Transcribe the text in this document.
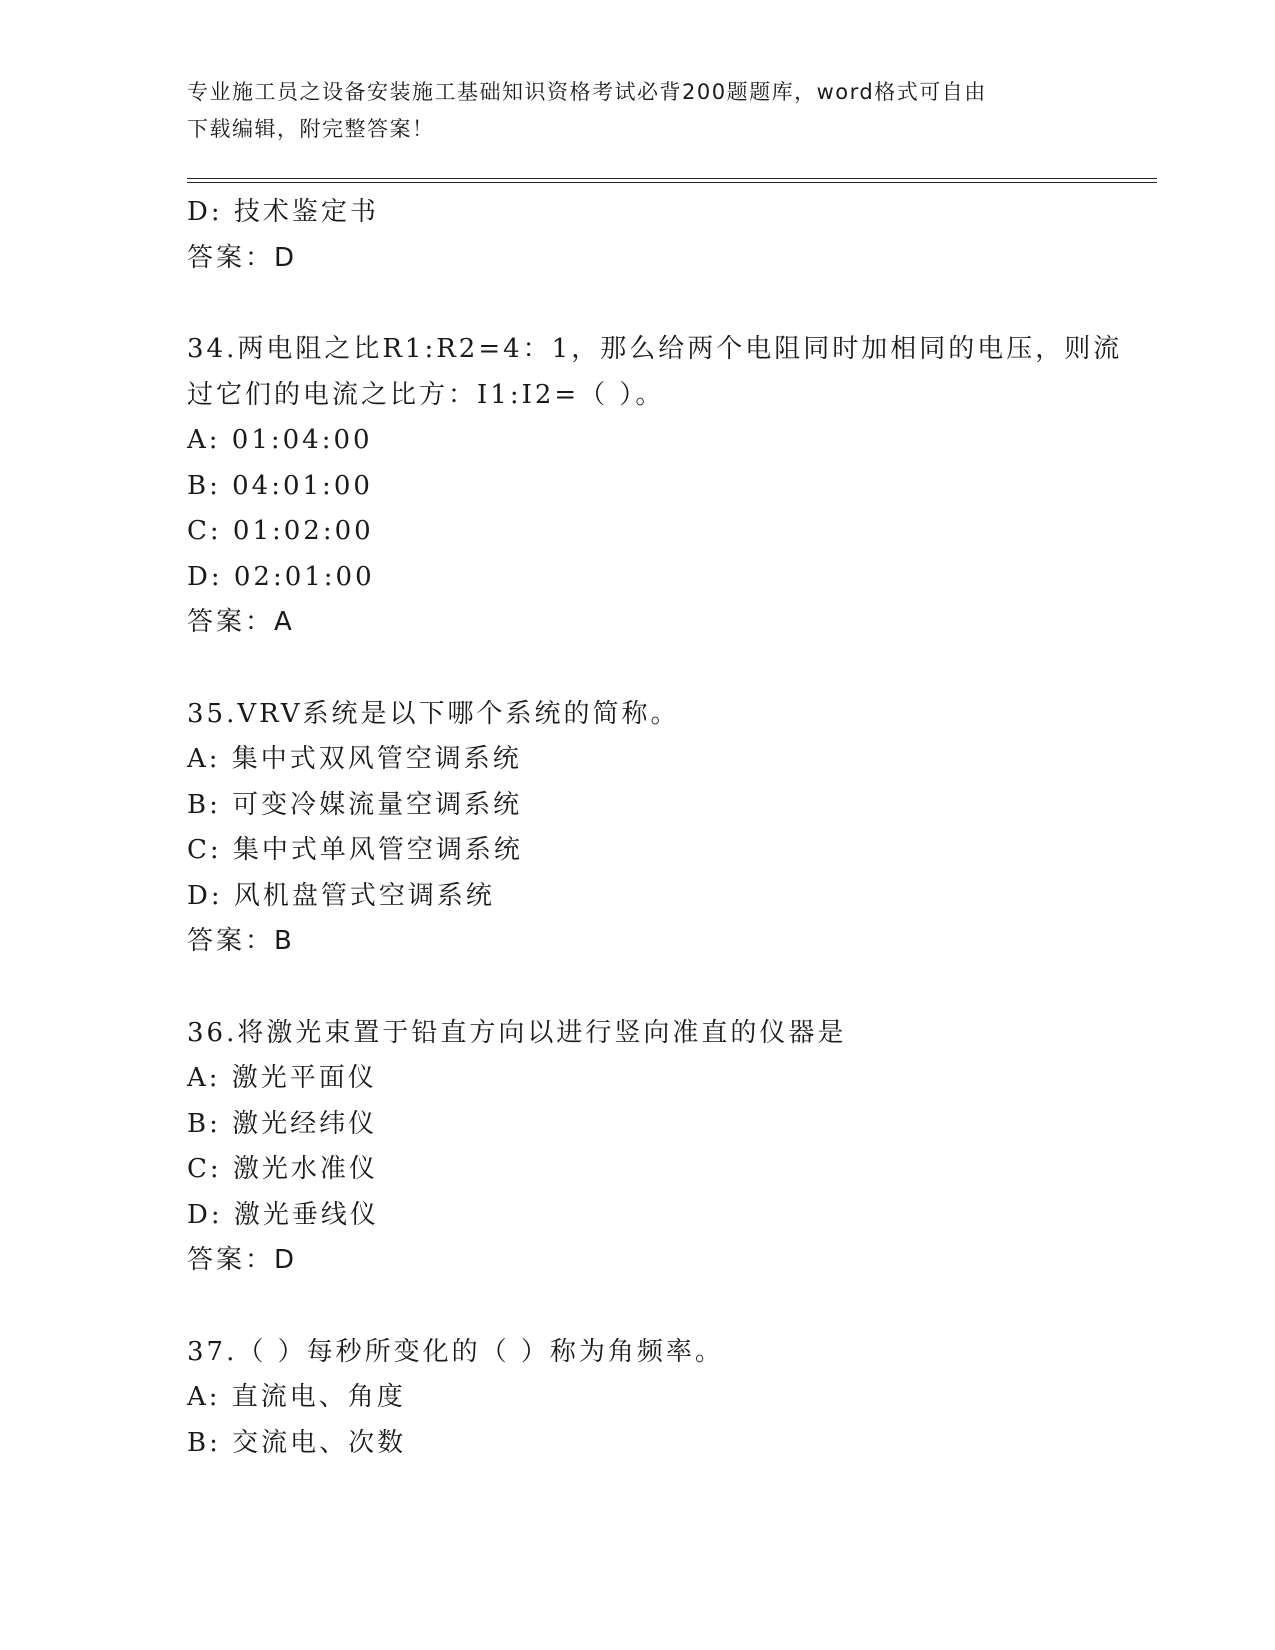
专业施工员之设备安装施工基础知识资格考试必背200题题库，word格式可自由
下载编辑，附完整答案！
D: 技术鉴定书
答案：D
34.两电阻之比R1:R2=4：1，那么给两个电阻同时加相同的电压，则流
过它们的电流之比方：I1:I2=（ ）。
A: 01:04:00
B: 04:01:00
C: 01:02:00
D: 02:01:00
答案：A
35.VRV系统是以下哪个系统的简称。
A: 集中式双风管空调系统
B: 可变冷媒流量空调系统
C: 集中式单风管空调系统
D: 风机盘管式空调系统
答案：B
36.将激光束置于铅直方向以进行竖向准直的仪器是
A: 激光平面仪
B: 激光经纬仪
C: 激光水准仪
D: 激光垂线仪
答案：D
37.（ ）每秒所变化的（ ）称为角频率。
A: 直流电、角度
B: 交流电、次数
